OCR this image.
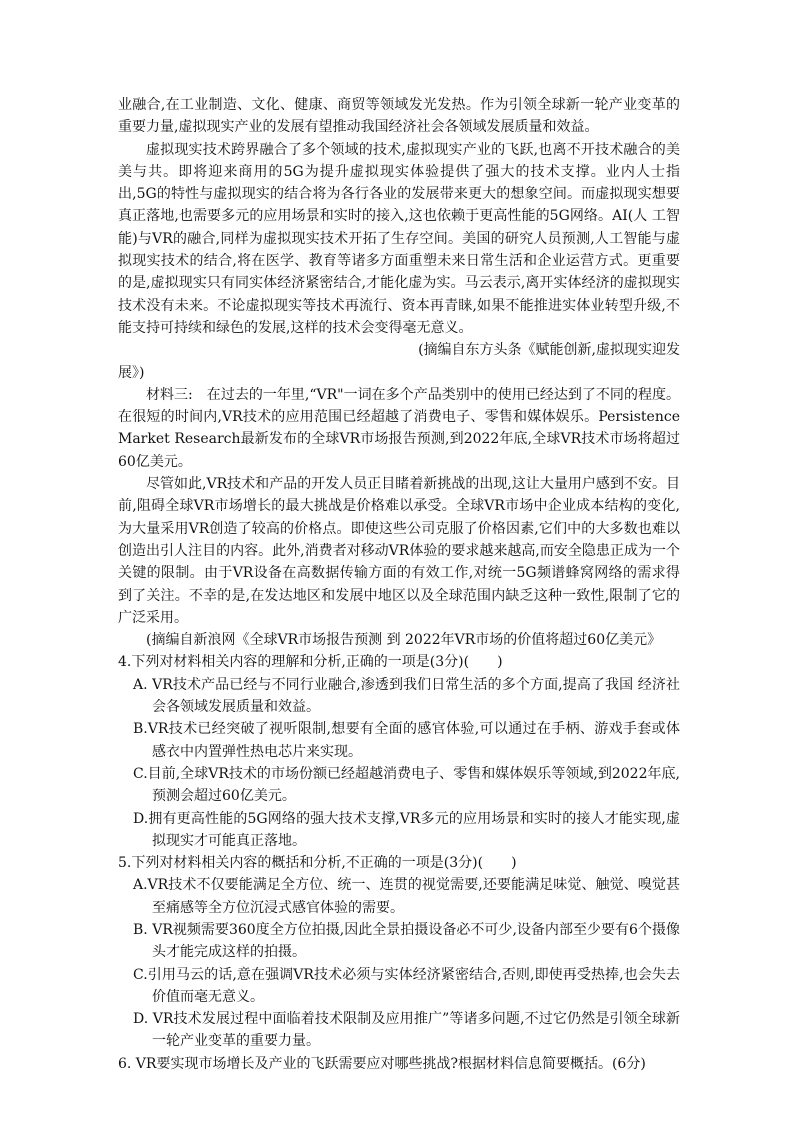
业融合,在工业制造、文化、健康、商贸等领域发光发热。作为引领全球新一轮产业变革的重要力量,虚拟现实产业的发展有望推动我国经济社会各领域发展质量和效益。

虚拟现实技术跨界融合了多个领域的技术,虚拟现实产业的飞跃,也离不开技术融合的美美与共。即将迎来商用的5G为提升虚拟现实体验提供了强大的技术支撑。业内人士指出,5G的特性与虚拟现实的结合将为各行各业的发展带来更大的想象空间。而虚拟现实想要真正落地,也需要多元的应用场景和实时的接入,这也依赖于更高性能的5G网络。AI(人 工智能)与VR的融合,同样为虚拟现实技术开拓了生存空间。美国的研究人员预测,人工智能与虚拟现实技术的结合,将在医学、教育等诸多方面重塑未来日常生活和企业运营方式。更重要的是,虚拟现实只有同实体经济紧密结合,才能化虚为实。马云表示,离开实体经济的虚拟现实技术没有未来。不论虚拟现实等技术再流行、资本再青睐,如果不能推进实体业转型升级,不能支持可持续和绿色的发展,这样的技术会变得毫无意义。

(摘编自东方头条《赋能创新,虚拟现实迎发

展》)

材料三:　在过去的一年里,“VR"一词在多个产品类别中的使用已经达到了不同的程度。在很短的时间内,VR技术的应用范围已经超越了消费电子、零售和媒体娱乐。Persistence Market Research最新发布的全球VR市场报告预测,到2022年底,全球VR技术市场将超过60亿美元。

尽管如此,VR技术和产品的开发人员正目睹着新挑战的出现,这让大量用户感到不安。目前,阻碍全球VR市场增长的最大挑战是价格难以承受。全球VR市场中企业成本结构的变化,为大量采用VR创造了较高的价格点。即使这些公司克服了价格因素,它们中的大多数也难以创造出引人注目的内容。此外,消费者对移动VR体验的要求越来越高,而安全隐患正成为一个关键的限制。由于VR设备在高数据传输方面的有效工作,对统一5G频谱蜂窝网络的需求得到了关注。不幸的是,在发达地区和发展中地区以及全球范围内缺乏这种一致性,限制了它的广泛采用。

(摘编自新浪网《全球VR市场报告预测 到 2022年VR市场的价值将超过60亿美元》

4.下列对材料相关内容的理解和分析,正确的一项是(3分)(　　)

A. VR技术产品已经与不同行业融合,渗透到我们日常生活的多个方面,提高了我国 经济社会各领域发展质量和效益。

B.VR技术已经突破了视听限制,想要有全面的感官体验,可以通过在手柄、游戏手套或体感衣中内置弹性热电芯片来实现。

C.目前,全球VR技术的市场份额已经超越消费电子、零售和媒体娱乐等领域,到2022年底,预测会超过60亿美元。

D.拥有更高性能的5G网络的强大技术支撑,VR多元的应用场景和实时的接人才能实现,虚拟现实才可能真正落地。

5.下列对材料相关内容的概括和分析,不正确的一项是(3分)(　　)

A.VR技术不仅要能满足全方位、统一、连贯的视觉需要,还要能满足味觉、触觉、嗅觉甚至痛感等全方位沉浸式感官体验的需要。

B. VR视频需要360度全方位拍摄,因此全景拍摄设备必不可少,设备内部至少要有6个摄像头才能完成这样的拍摄。

C.引用马云的话,意在强调VR技术必须与实体经济紧密结合,否则,即使再受热捧,也会失去价值而毫无意义。

D. VR技术发展过程中面临着技术限制及应用推广”等诸多问题,不过它仍然是引领全球新一轮产业变革的重要力量。

6. VR要实现市场增长及产业的飞跃需要应对哪些挑战?根据材料信息简要概括。(6分)
